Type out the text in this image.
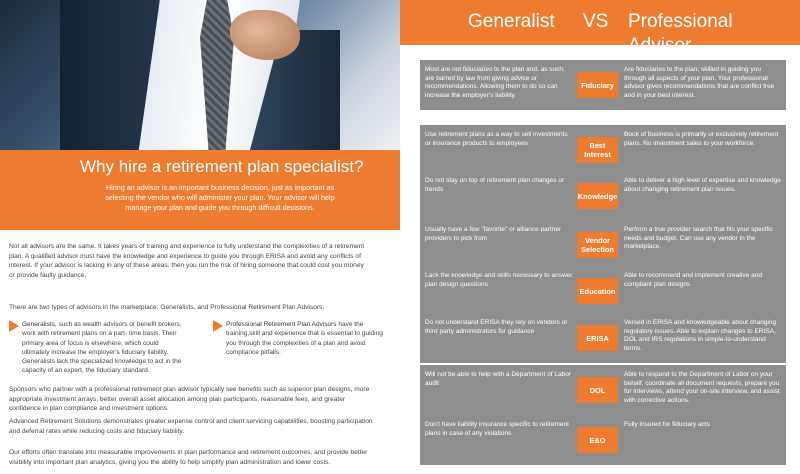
Why hire a retirement plan specialist?
Hiring an advisor is an important business decision, just as important as selecting the vendor who will administer your plan. Your advisor will help manage your plan and guide you through difficult decisions.
Not all advisors are the same. It takes years of training and experience to fully understand the complexities of a retirement plan. A qualified advisor must have the knowledge and experience to guide you through ERISA and avoid any conflicts of interest. If your advisor is lacking in any of these areas, then you run the risk of hiring someone that could cost you money or provide faulty guidance.
There are two types of advisors in the marketplace: Generalists, and Professional Retirement Plan Advisors.
Generalists, such as wealth advisors or benefit brokers, work with retirement plans on a part- time basis. Their primary area of focus is elsewhere, which could ultimately increase the employer's fiduciary liability. Generalists lack the specialized knowledge to act in the capacity of an expert, the fiduciary standard.
Professional Retirement Plan Advisors have the training,skill and experience that is essential to guiding you through the complexities of a plan and avoid compliance pitfalls.
Sponsors who partner with a professional retirement plan advisor typically see benefits such as superior plan designs, more appropriate investment arrays, better overall asset allocation among plan participants, reasonable fees, and greater confidence in plan compliance and investment options.
Advanced Retirement Solutions demonstrates greater expense control and client servicing capabilities, boosting participation and deferral rates while reducing costs and fiduciary liability.
Our efforts often translate into measurable improvements in plan performance and retirement outcomes, and provide better visibility into important plan analytics, giving you the ability to help simplify plan administration and lower costs.
Generalist VS Professional Advisor
Most are not fiduciaries to the plan and, as such, are barred by law from giving advice or recommendations. Allowing them to do so can increase the employer's liability.
Fiduciary
Are fiduciaries to the plan, skilled in guiding you through all aspects of your plan. Your professional advisor gives recommendations that are conflict free and in your best interest.
Use retirement plans as a way to sell investments or insurance products to employees	Best Interest
Book of business is primarily or exclusively retirement plans. No investment sales to your workforce.
Do not stay on top of retirement plan changes or trends
Knowledge
Able to deliver a high level of expertise and knowledge about changing retirement plan issues.
Usually have a few "favorite" or alliance partner providers to pick from	Vendor Selection
Perform a true provider search that fits your specific needs and budget. Can use any vendor in the marketplace.
Lack the knowledge and skills necessary to answer plan design questions
Education
Able to recommend and implement creative and compliant plan designs
Do not understand ERISA they rely on vendors or third party administrators for guidance
ERISA
Versed in ERISA and knowledgeable about changing regulatory issues. Able to explain changes to ERISA, DOL and IRS regulations in simple-to-understand terms.
Will not be able to help with a Department of Labor audit
DOL
Able to respond to the Department of Labor on your behalf, coordinate all document requests, prepare you for interviews, attend your on-site interview, and assist with corrective actions.
Don't have liability insurance specific to retirement plans in case of any violations
E&O
Fully insured for fiduciary acts
